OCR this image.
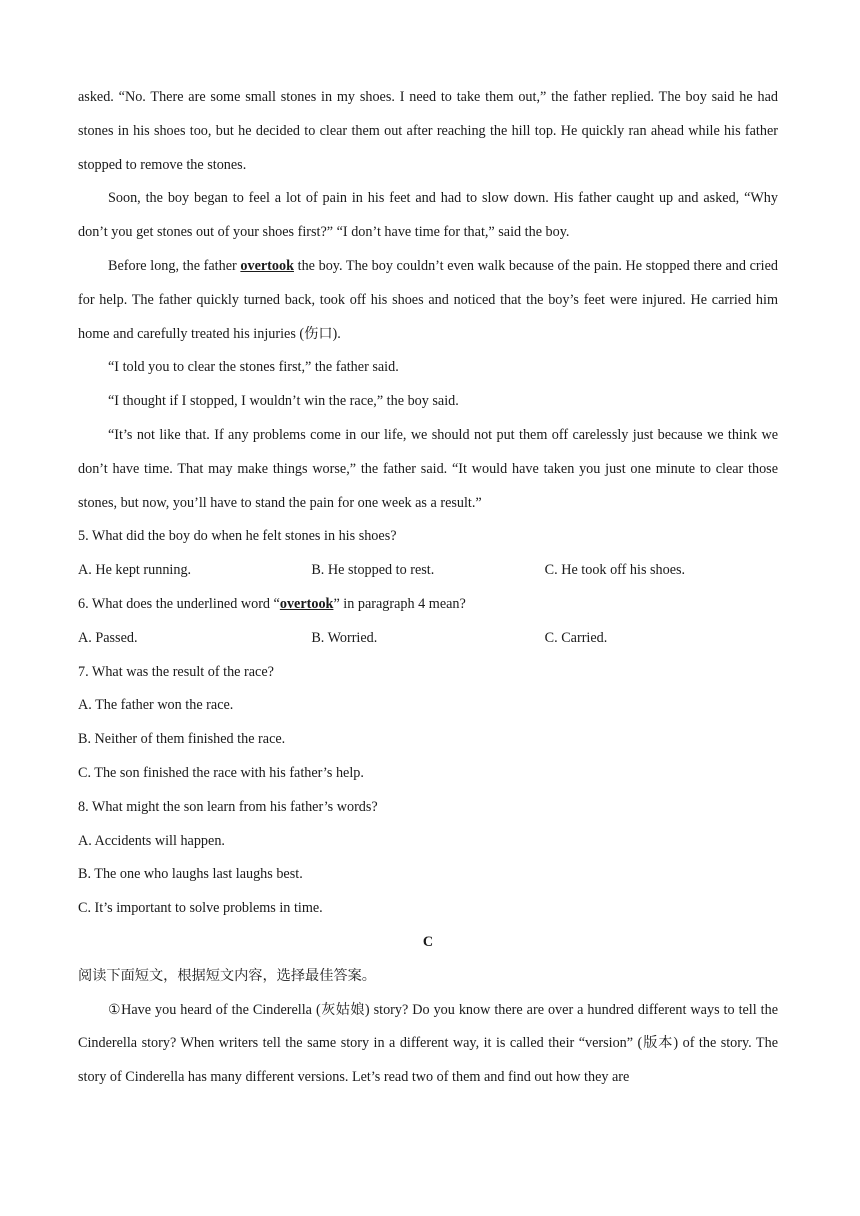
asked. “No. There are some small stones in my shoes. I need to take them out,” the father replied. The boy said he had stones in his shoes too, but he decided to clear them out after reaching the hill top. He quickly ran ahead while his father stopped to remove the stones.

Soon, the boy began to feel a lot of pain in his feet and had to slow down. His father caught up and asked, “Why don’t you get stones out of your shoes first?” “I don’t have time for that,” said the boy.

Before long, the father overtook the boy. The boy couldn’t even walk because of the pain. He stopped there and cried for help. The father quickly turned back, took off his shoes and noticed that the boy’s feet were injured. He carried him home and carefully treated his injuries (伤口).

“I told you to clear the stones first,” the father said.

“I thought if I stopped, I wouldn’t win the race,” the boy said.

“It’s not like that. If any problems come in our life, we should not put them off carelessly just because we think we don’t have time. That may make things worse,” the father said. “It would have taken you just one minute to clear those stones, but now, you’ll have to stand the pain for one week as a result.”

5. What did the boy do when he felt stones in his shoes?

A. He kept running.	B. He stopped to rest.	C. He took off his shoes.

6. What does the underlined word “overtook” in paragraph 4 mean?

A. Passed.	B. Worried.	C. Carried.

7. What was the result of the race?

A. The father won the race.

B. Neither of them finished the race.

C. The son finished the race with his father’s help.

8. What might the son learn from his father’s words?

A. Accidents will happen.

B. The one who laughs last laughs best.

C. It’s important to solve problems in time.

C

阅读下面短文，根据短文内容，选择最佳答案。

①Have you heard of the Cinderella (灰姑娘) story? Do you know there are over a hundred different ways to tell the Cinderella story? When writers tell the same story in a different way, it is called their “version” (版本) of the story. The story of Cinderella has many different versions. Let’s read two of them and find out how they are
